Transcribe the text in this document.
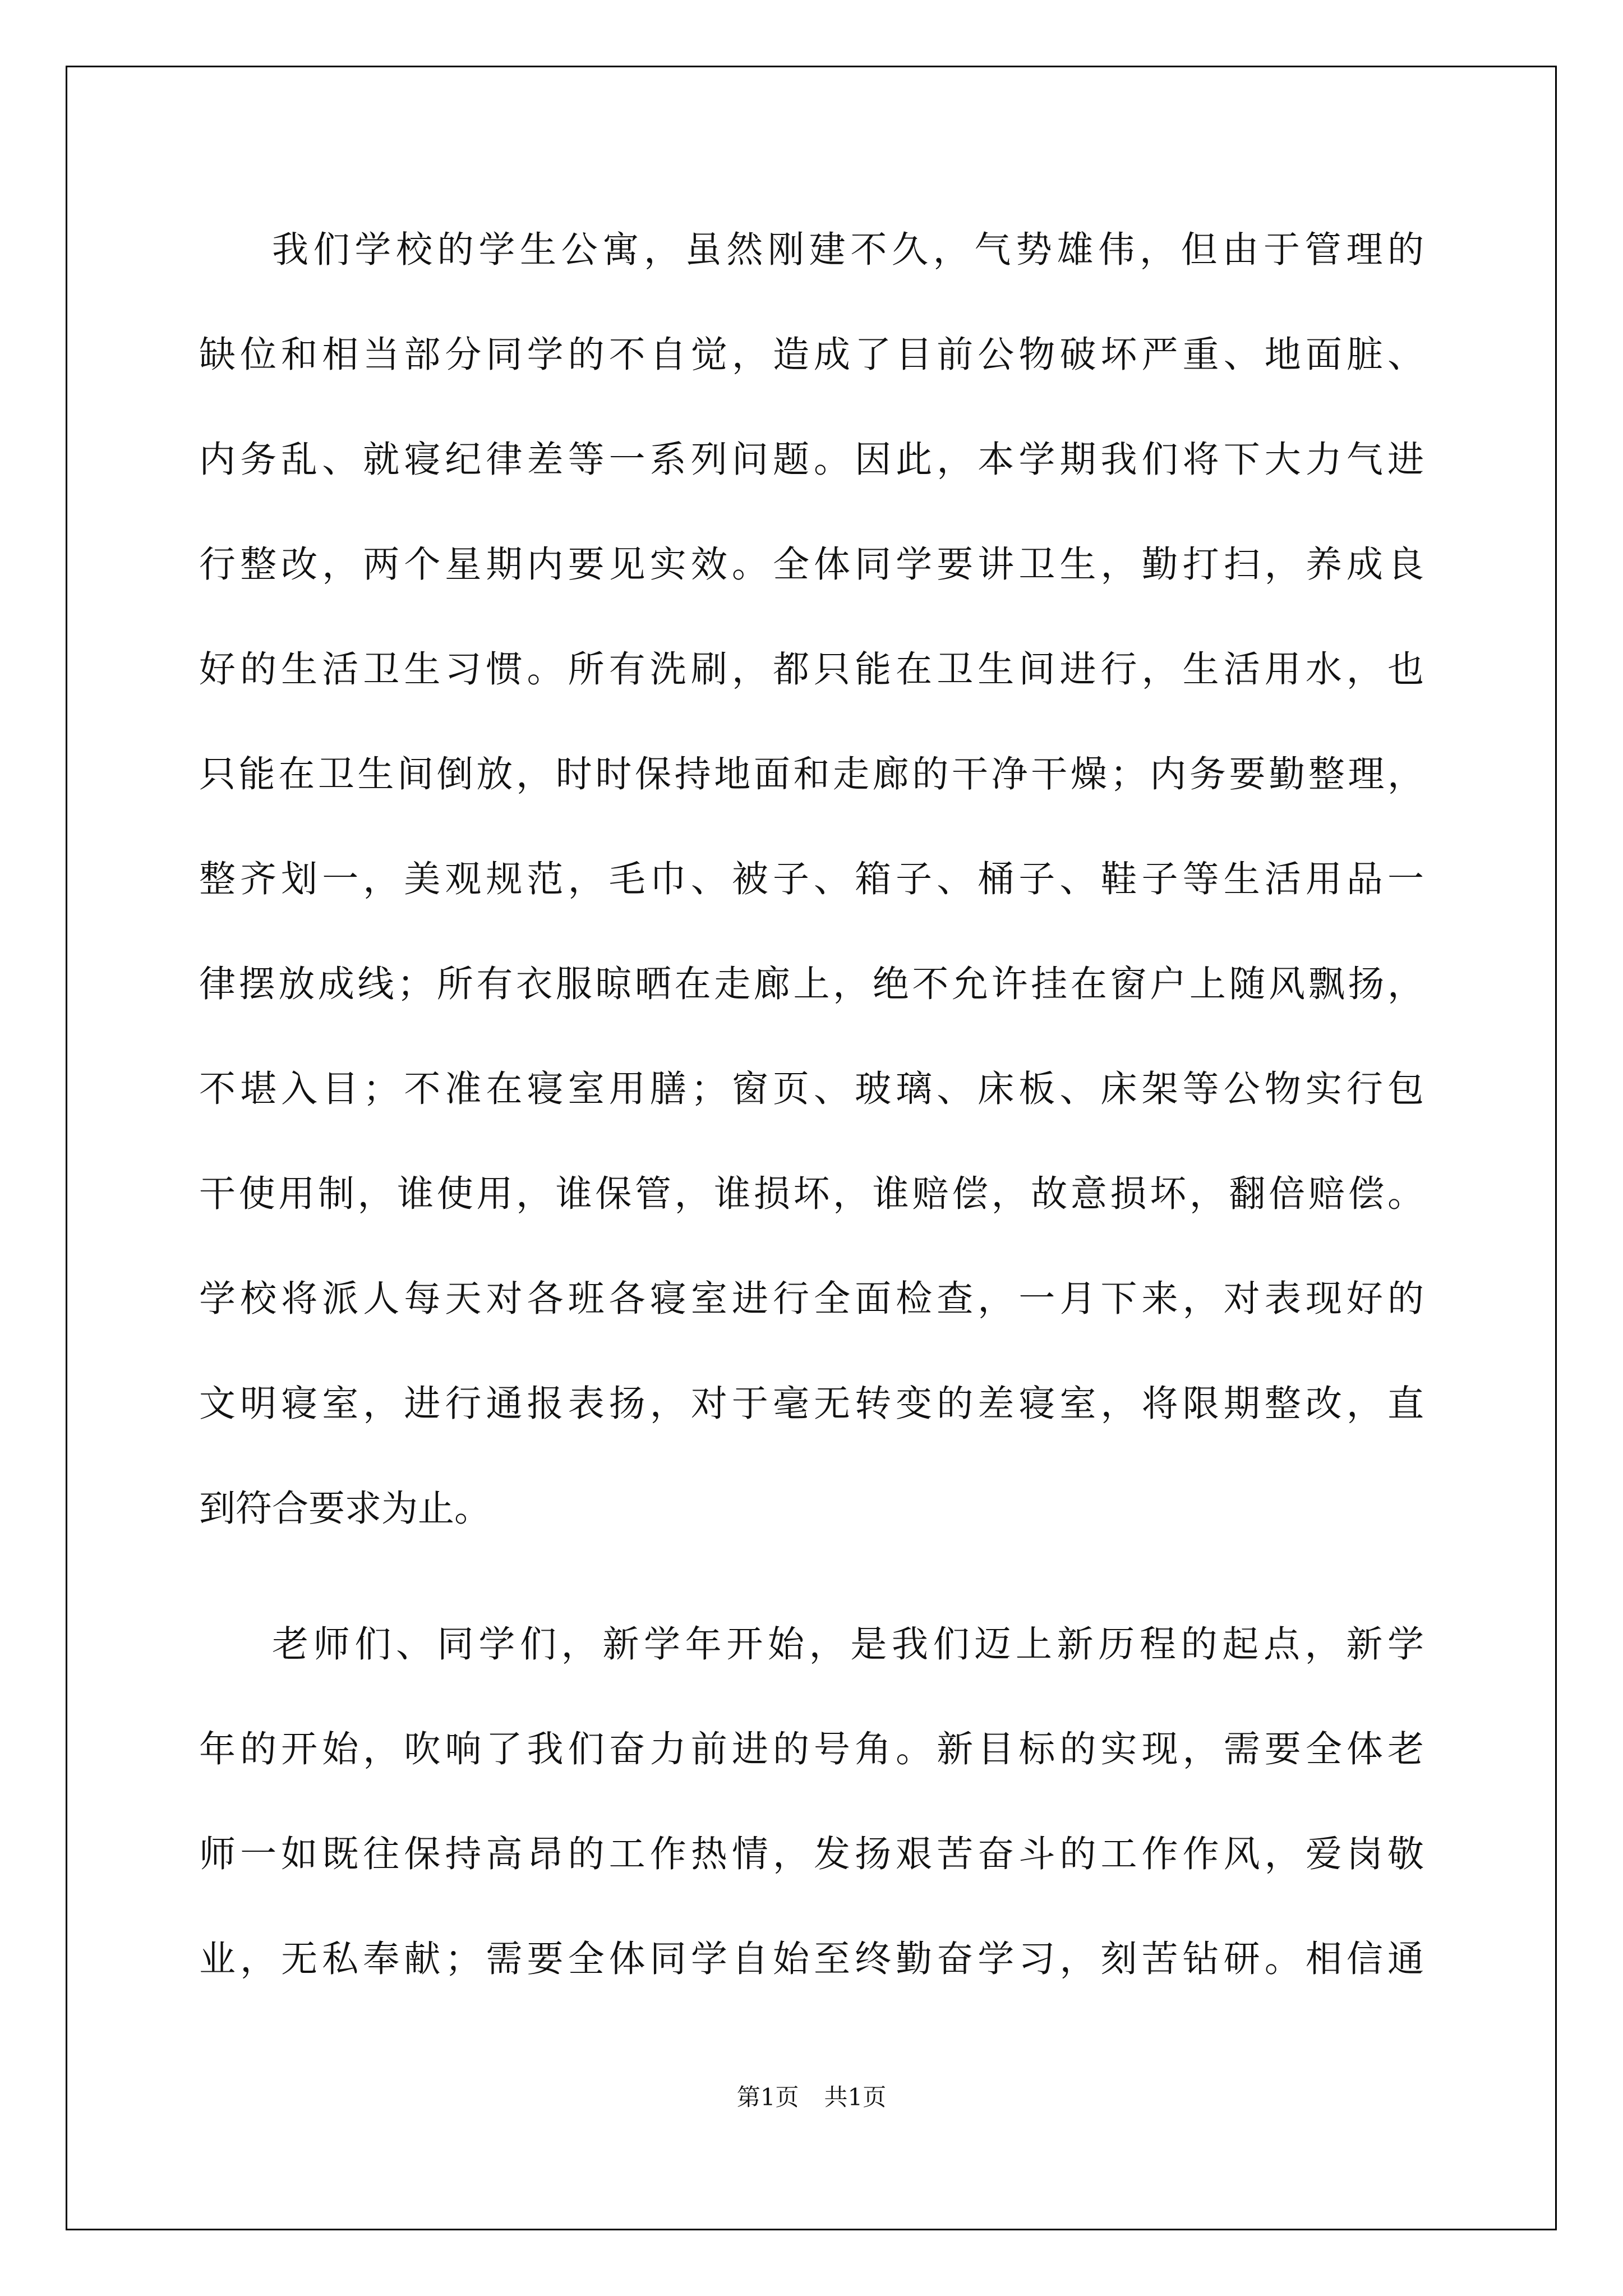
我们学校的学生公寓，虽然刚建不久，气势雄伟，但由于管理的
缺位和相当部分同学的不自觉，造成了目前公物破坏严重、地面脏、
内务乱、就寝纪律差等一系列问题。因此，本学期我们将下大力气进
行整改，两个星期内要见实效。全体同学要讲卫生，勤打扫，养成良
好的生活卫生习惯。所有洗刷，都只能在卫生间进行，生活用水，也
只能在卫生间倒放，时时保持地面和走廊的干净干燥；内务要勤整理，
整齐划一，美观规范，毛巾、被子、箱子、桶子、鞋子等生活用品一
律摆放成线；所有衣服晾晒在走廊上，绝不允许挂在窗户上随风飘扬，
不堪入目；不准在寝室用膳；窗页、玻璃、床板、床架等公物实行包
干使用制，谁使用，谁保管，谁损坏，谁赔偿，故意损坏，翻倍赔偿。
学校将派人每天对各班各寝室进行全面检查，一月下来，对表现好的
文明寝室，进行通报表扬，对于毫无转变的差寝室，将限期整改，直
到符合要求为止。
老师们、同学们，新学年开始，是我们迈上新历程的起点，新学
年的开始，吹响了我们奋力前进的号角。新目标的实现，需要全体老
师一如既往保持高昂的工作热情，发扬艰苦奋斗的工作作风，爱岗敬
业，无私奉献；需要全体同学自始至终勤奋学习，刻苦钻研。相信通
第1页 共1页
